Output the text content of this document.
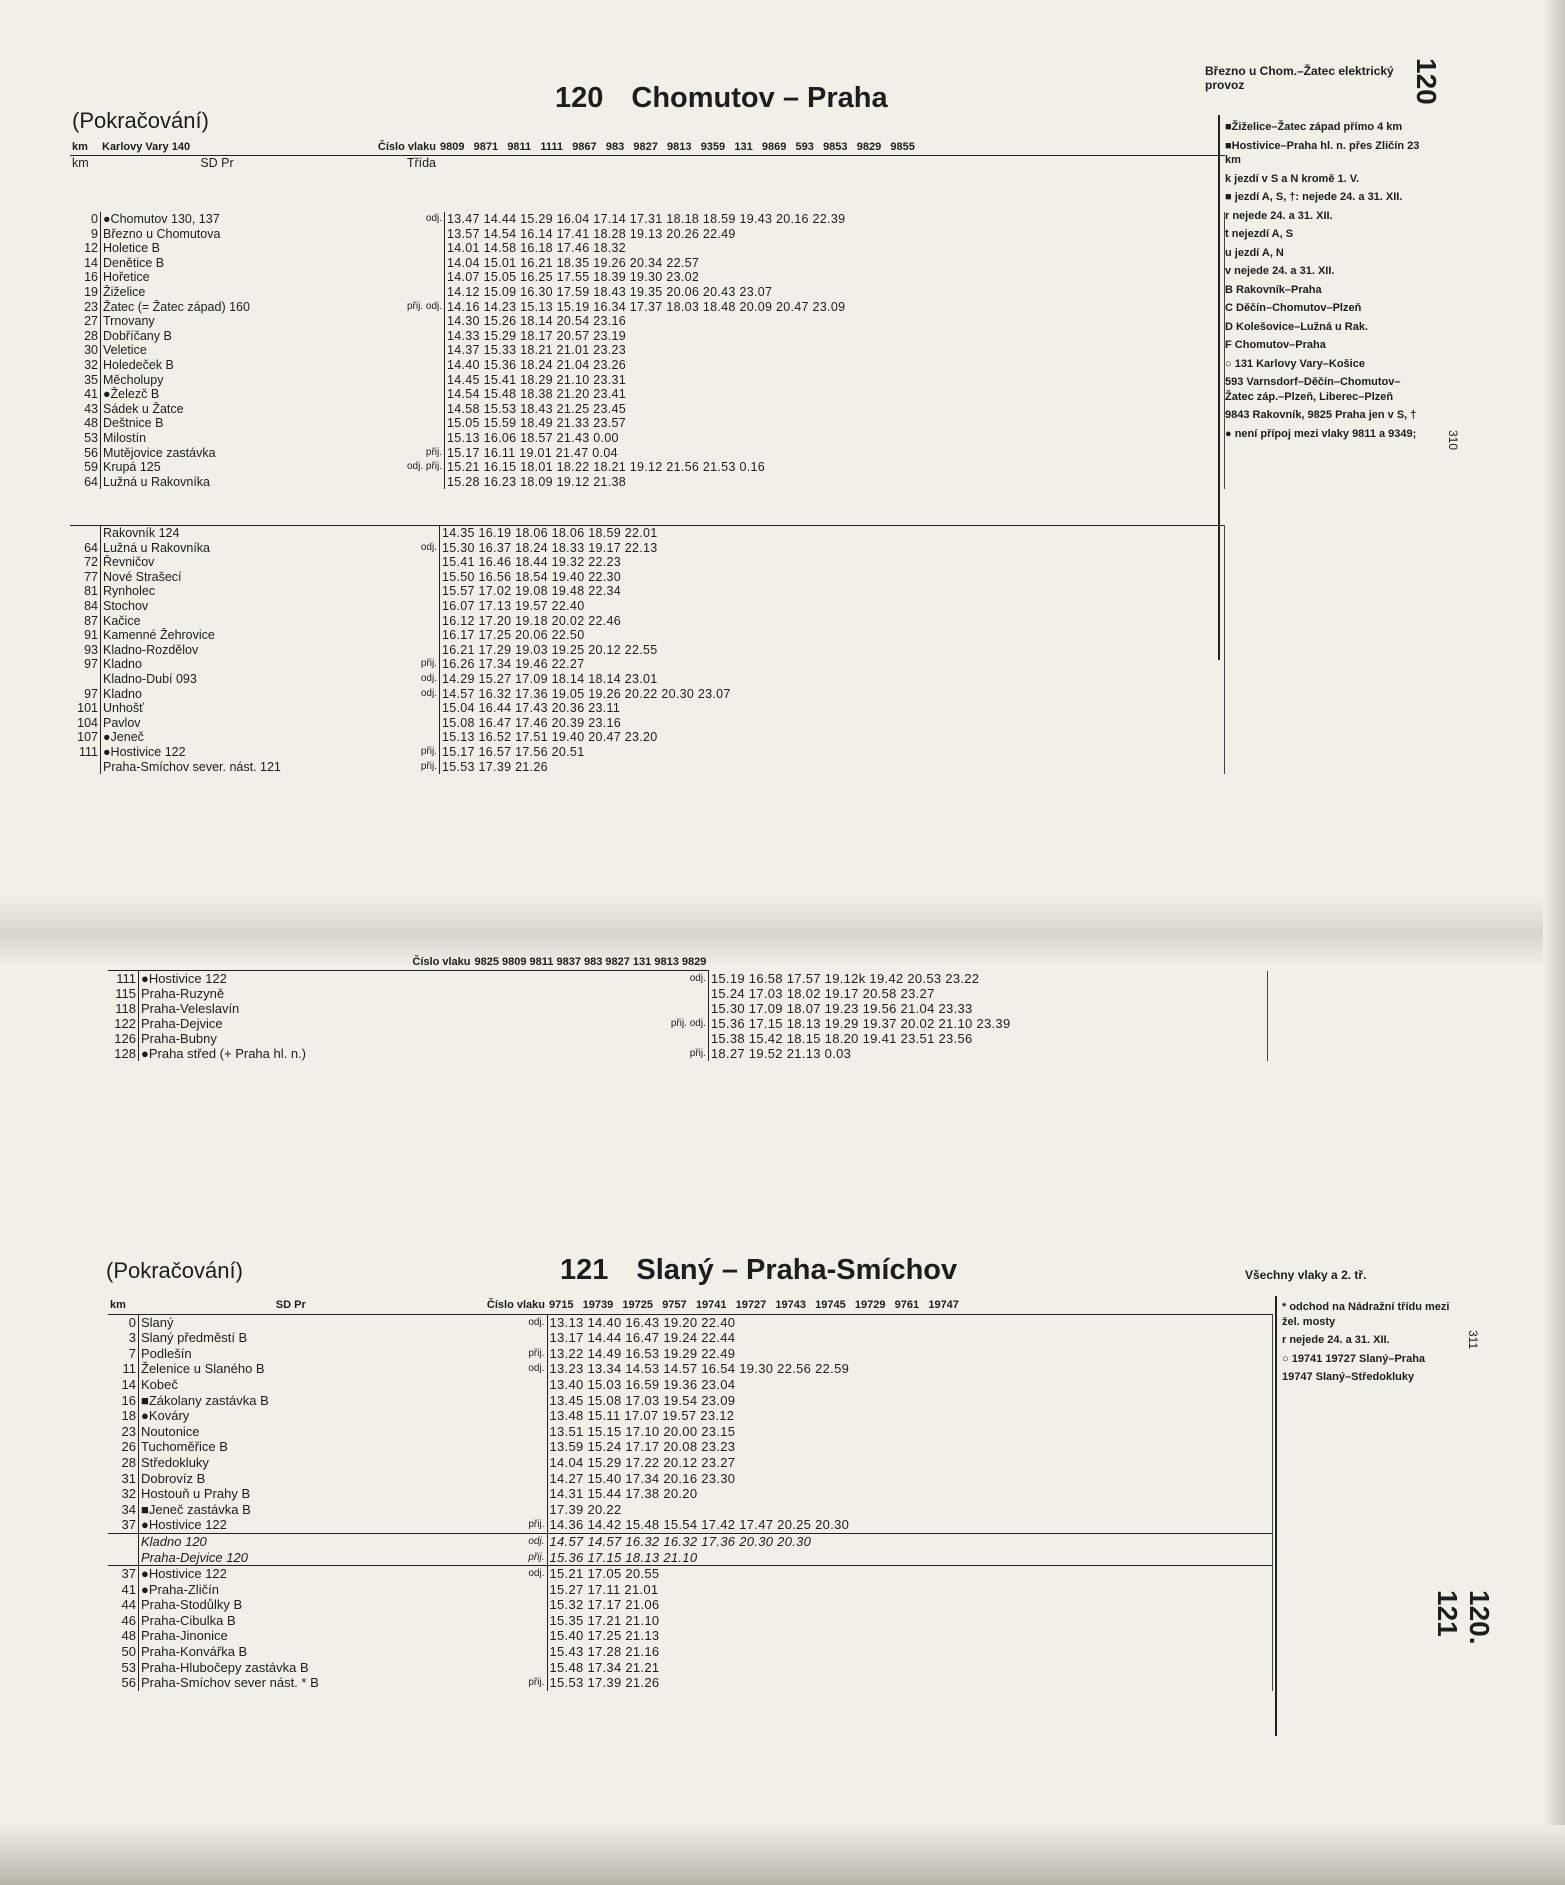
(Pokračování)
120 Chomutov – Praha
Březno u Chom.–Žatec elektrický provoz	120
310
km	Karlovy Vary 140	Číslo vlaku	9809 9871 9811 1111 9867 983 9827 9813 9359 131 9869 593 9853 9829 9855
km	SD Pr	Třída	
0	●Chomutov 130, 137	odj.	13.47 14.44 15.29 16.04 17.14 17.31 18.18 18.59 19.43 20.16 22.39
9	Březno u Chomutova		13.57 14.54 16.14 17.41 18.28 19.13 20.26 22.49
12	Holetice B		14.01 14.58 16.18 17.46 18.32
14	Denětice B		14.04 15.01 16.21 18.35 19.26 20.34 22.57
16	Hořetice		14.07 15.05 16.25 17.55 18.39 19.30 23.02
19	Žiželice		14.12 15.09 16.30 17.59 18.43 19.35 20.06 20.43 23.07
23	Žatec (= Žatec západ) 160	přij. odj.	14.16 14.23 15.13 15.19 16.34 17.37 18.03 18.48 20.09 20.47 23.09
27	Trnovany		14.30 15.26 18.14 20.54 23.16
28	Dobříčany B		14.33 15.29 18.17 20.57 23.19
30	Veletice		14.37 15.33 18.21 21.01 23.23
32	Holedeček B		14.40 15.36 18.24 21.04 23.26
35	Měcholupy		14.45 15.41 18.29 21.10 23.31
41	●Železč B		14.54 15.48 18.38 21.20 23.41
43	Sádek u Žatce		14.58 15.53 18.43 21.25 23.45
48	Deštnice B		15.05 15.59 18.49 21.33 23.57
53	Milostín		15.13 16.06 18.57 21.43 0.00
56	Mutějovice zastávka	přij.	15.17 16.11 19.01 21.47 0.04
59	Krupá 125	odj. přij.	15.21 16.15 18.01 18.22 18.21 19.12 21.56 21.53 0.16
64	Lužná u Rakovníka		15.28 16.23 18.09 19.12 21.38
	Rakovník 124		14.35 16.19 18.06 18.06 18.59 22.01
64	Lužná u Rakovníka	odj.	15.30 16.37 18.24 18.33 19.17 22.13
72	Řevničov		15.41 16.46 18.44 19.32 22.23
77	Nové Strašecí		15.50 16.56 18.54 19.40 22.30
81	Rynholec		15.57 17.02 19.08 19.48 22.34
84	Stochov		16.07 17.13 19.57 22.40
87	Kačice		16.12 17.20 19.18 20.02 22.46
91	Kamenné Žehrovice		16.17 17.25 20.06 22.50
93	Kladno-Rozdělov		16.21 17.29 19.03 19.25 20.12 22.55
97	Kladno	přij.	16.26 17.34 19.46 22.27
	Kladno-Dubí 093	odj.	14.29 15.27 17.09 18.14 18.14 23.01
97	Kladno	odj.	14.57 16.32 17.36 19.05 19.26 20.22 20.30 23.07
101	Unhošť		15.04 16.44 17.43 20.36 23.11
104	Pavlov		15.08 16.47 17.46 20.39 23.16
107	●Jeneč		15.13 16.52 17.51 19.40 20.47 23.20
111	●Hostivice 122	přij.	15.17 16.57 17.56 20.51
	Praha-Smíchov sever. nást. 121	přij.	15.53 17.39 21.26
■Žiželice–Žatec západ přímo 4 km
■Hostivice–Praha hl. n. přes Zličín 23 km
k jezdí v S a N kromě 1. V.
■ jezdí A, S, †: nejede 24. a 31. XII.
r nejede 24. a 31. XII.
t nejezdí A, S
u jezdí A, N
v nejede 24. a 31. XII.
B Rakovník–Praha
C Děčín–Chomutov–Plzeň
D Kolešovice–Lužná u Rak.
F Chomutov–Praha
○ 131 Karlovy Vary–Košice
593 Varnsdorf–Děčín–Chomutov–Žatec záp.–Plzeň, Liberec–Plzeň
9843 Rakovník, 9825 Praha jen v S, †
● není přípoj mezi vlaky 9811 a 9349;
	Číslo vlaku	9825 9809 9811 9837 983 9827 131 9813 9829	
111	●Hostivice 122	odj.	15.19 16.58 17.57 19.12k 19.42 20.53 23.22
115	Praha-Ruzyně		15.24 17.03 18.02 19.17 20.58 23.27
118	Praha-Veleslavín		15.30 17.09 18.07 19.23 19.56 21.04 23.33
122	Praha-Dejvice	přij. odj.	15.36 17.15 18.13 19.29 19.37 20.02 21.10 23.39
126	Praha-Bubny		15.38 15.42 18.15 18.20 19.41 23.51 23.56
128	●Praha střed (+ Praha hl. n.)	přij.	18.27 19.52 21.13 0.03
(Pokračování)	121 Slaný – Praha-Smíchov	Všechny vlaky a 2. tř.
120. 121
311
km	SD Pr	Číslo vlaku	9715 19739 19725 9757 19741 19727 19743 19745 19729 9761 19747
0	Slaný	odj.	13.13 14.40 16.43 19.20 22.40
3	Slaný předměstí B		13.17 14.44 16.47 19.24 22.44
7	Podlešín	přij.	13.22 14.49 16.53 19.29 22.49
11	Želenice u Slaného B	odj.	13.23 13.34 14.53 14.57 16.54 19.30 22.56 22.59
14	Kobeč		13.40 15.03 16.59 19.36 23.04
16	■Zákolany zastávka B		13.45 15.08 17.03 19.54 23.09
18	●Kováry		13.48 15.11 17.07 19.57 23.12
23	Noutonice		13.51 15.15 17.10 20.00 23.15
26	Tuchoměřice B		13.59 15.24 17.17 20.08 23.23
28	Středokluky		14.04 15.29 17.22 20.12 23.27
31	Dobrovíz B		14.27 15.40 17.34 20.16 23.30
32	Hostouň u Prahy B		14.31 15.44 17.38 20.20
34	■Jeneč zastávka B		17.39 20.22
37	●Hostivice 122	přij.	14.36 14.42 15.48 15.54 17.42 17.47 20.25 20.30
	Kladno 120	odj.	14.57 14.57 16.32 16.32 17.36 20.30 20.30
	Praha-Dejvice 120	přij.	15.36 17.15 18.13 21.10
37	●Hostivice 122	odj.	15.21 17.05 20.55
41	●Praha-Zličín		15.27 17.11 21.01
44	Praha-Stodůlky B		15.32 17.17 21.06
46	Praha-Cibulka B		15.35 17.21 21.10
48	Praha-Jinonice		15.40 17.25 21.13
50	Praha-Konvářka B		15.43 17.28 21.16
53	Praha-Hlubočepy zastávka B		15.48 17.34 21.21
56	Praha-Smíchov sever nást. * B	přij.	15.53 17.39 21.26
* odchod na Nádražní třídu mezi žel. mosty
r nejede 24. a 31. XII.
○ 19741 19727 Slaný–Praha
19747 Slaný–Středokluky
